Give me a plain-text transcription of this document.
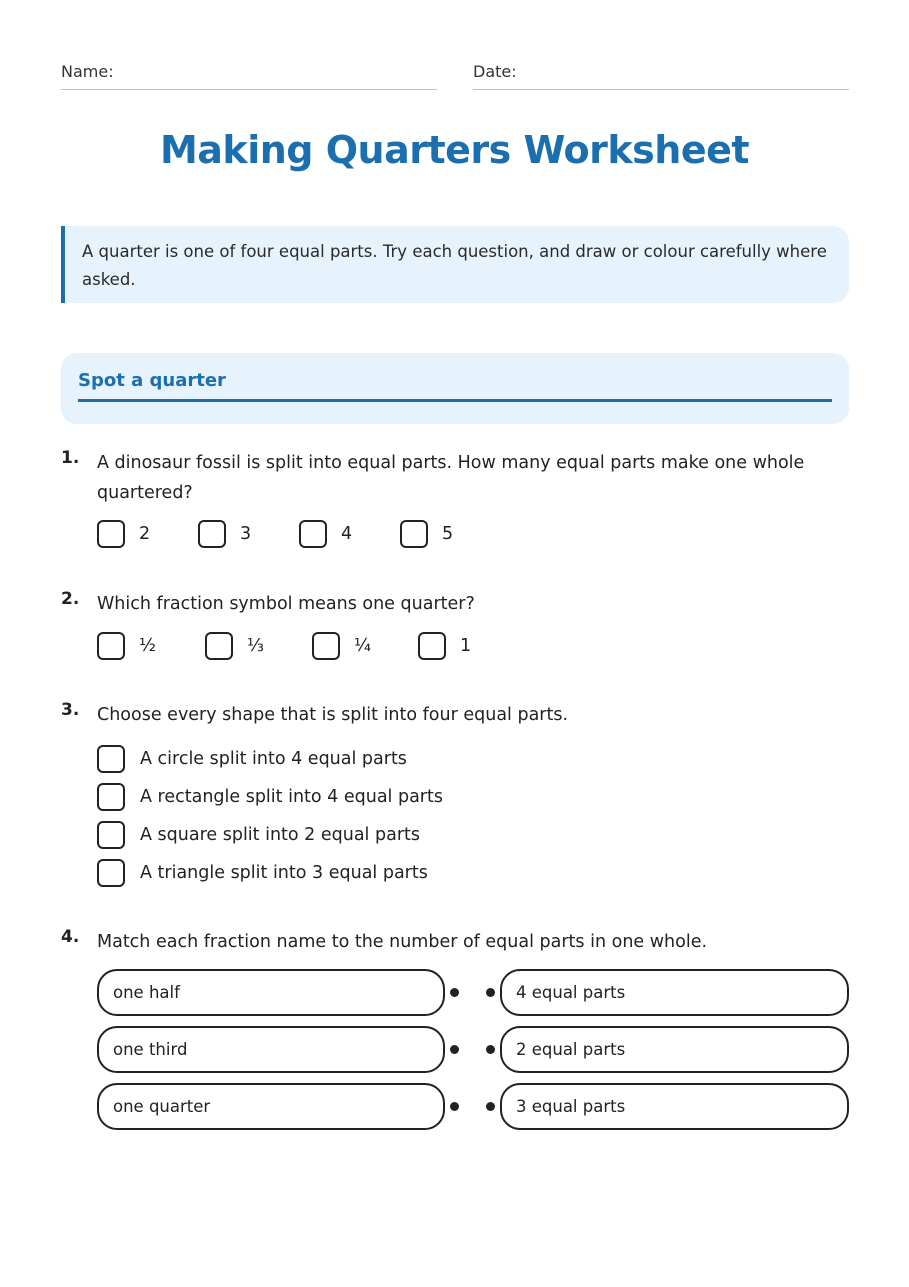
Name:	Date:
Making Quarters Worksheet
A quarter is one of four equal parts. Try each question, and draw or colour carefully where asked.
Spot a quarter
1. A dinosaur fossil is split into equal parts. How many equal parts make one whole quartered?
2	3	4	5
2. Which fraction symbol means one quarter?
½	⅓	¼	1
3. Choose every shape that is split into four equal parts.
A circle split into 4 equal parts
A rectangle split into 4 equal parts
A square split into 2 equal parts
A triangle split into 3 equal parts
4. Match each fraction name to the number of equal parts in one whole.
one half	4 equal parts
one third	2 equal parts
one quarter	3 equal parts
